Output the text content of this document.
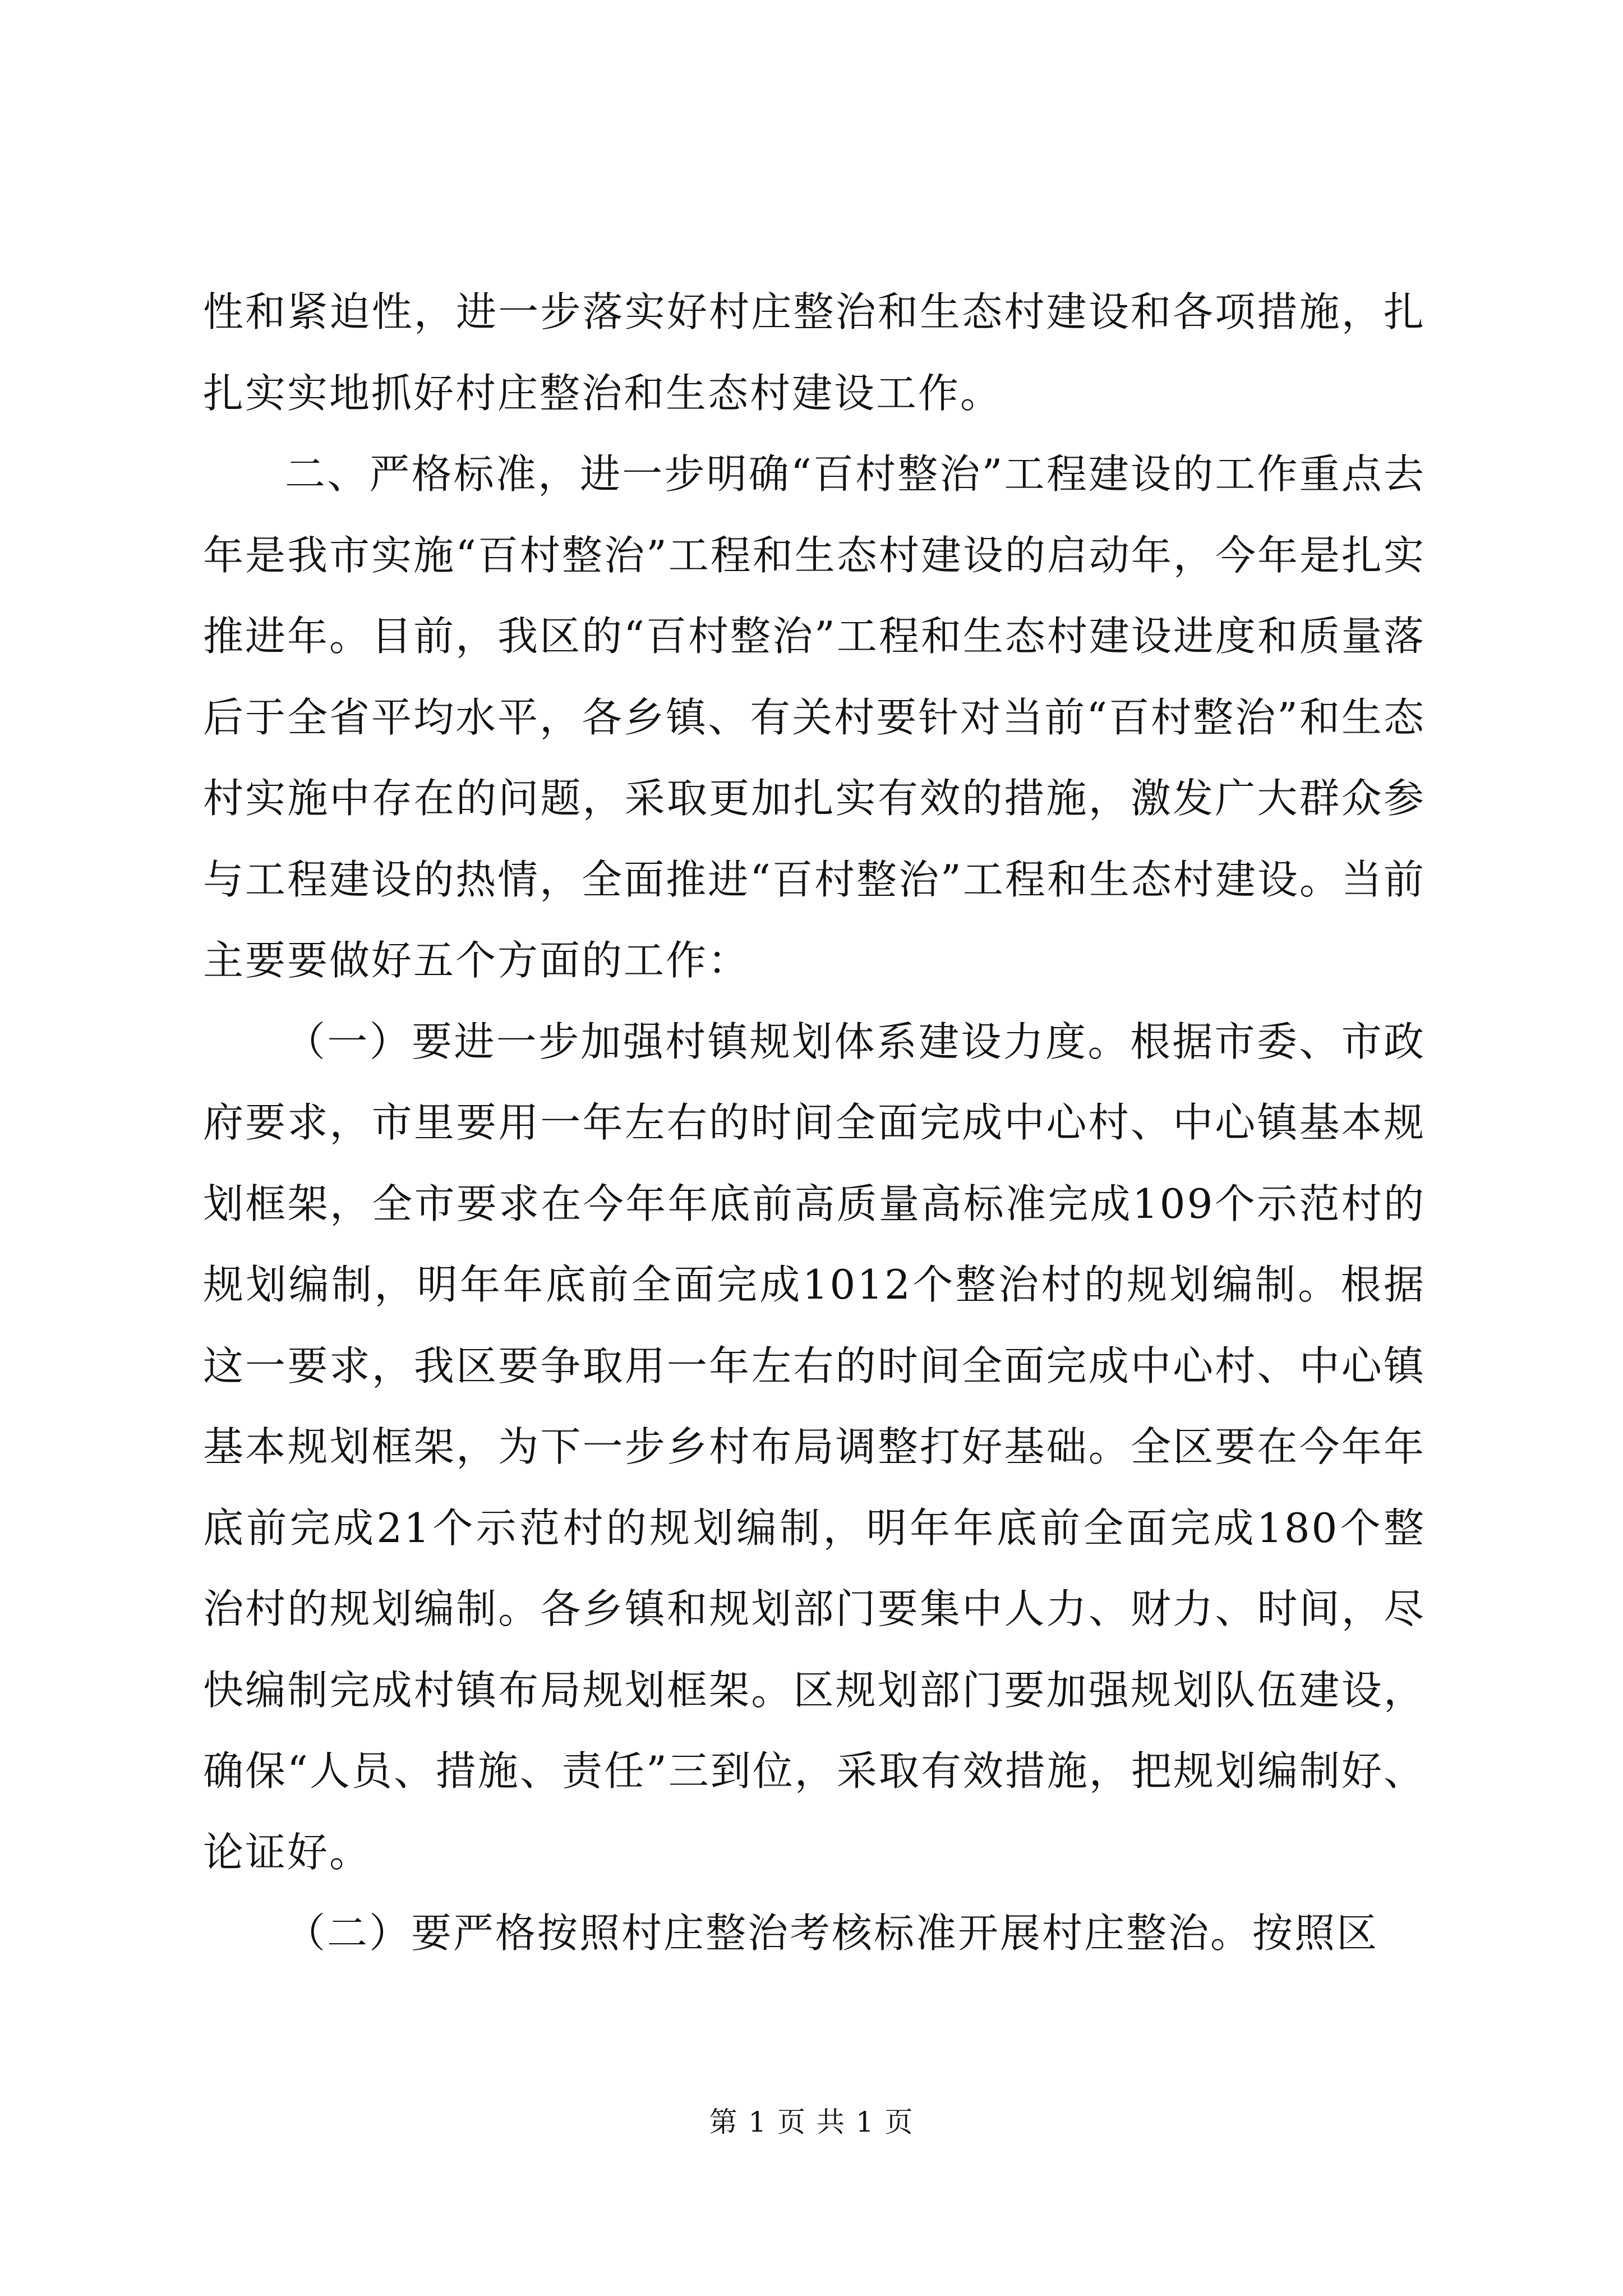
性和紧迫性，进一步落实好村庄整治和生态村建设和各项措施，扎扎实实地抓好村庄整治和生态村建设工作。

二、严格标准，进一步明确“百村整治”工程建设的工作重点去年是我市实施“百村整治”工程和生态村建设的启动年，今年是扎实推进年。目前，我区的“百村整治”工程和生态村建设进度和质量落后于全省平均水平，各乡镇、有关村要针对当前“百村整治”和生态村实施中存在的问题，采取更加扎实有效的措施，激发广大群众参与工程建设的热情，全面推进“百村整治”工程和生态村建设。当前主要要做好五个方面的工作：

（一）要进一步加强村镇规划体系建设力度。根据市委、市政府要求，市里要用一年左右的时间全面完成中心村、中心镇基本规划框架，全市要求在今年年底前高质量高标准完成109个示范村的规划编制，明年年底前全面完成1012个整治村的规划编制。根据这一要求，我区要争取用一年左右的时间全面完成中心村、中心镇基本规划框架，为下一步乡村布局调整打好基础。全区要在今年年底前完成21个示范村的规划编制，明年年底前全面完成180个整治村的规划编制。各乡镇和规划部门要集中人力、财力、时间，尽快编制完成村镇布局规划框架。区规划部门要加强规划队伍建设，确保“人员、措施、责任”三到位，采取有效措施，把规划编制好、论证好。

（二）要严格按照村庄整治考核标准开展村庄整治。按照区

第 1 页 共 1 页
